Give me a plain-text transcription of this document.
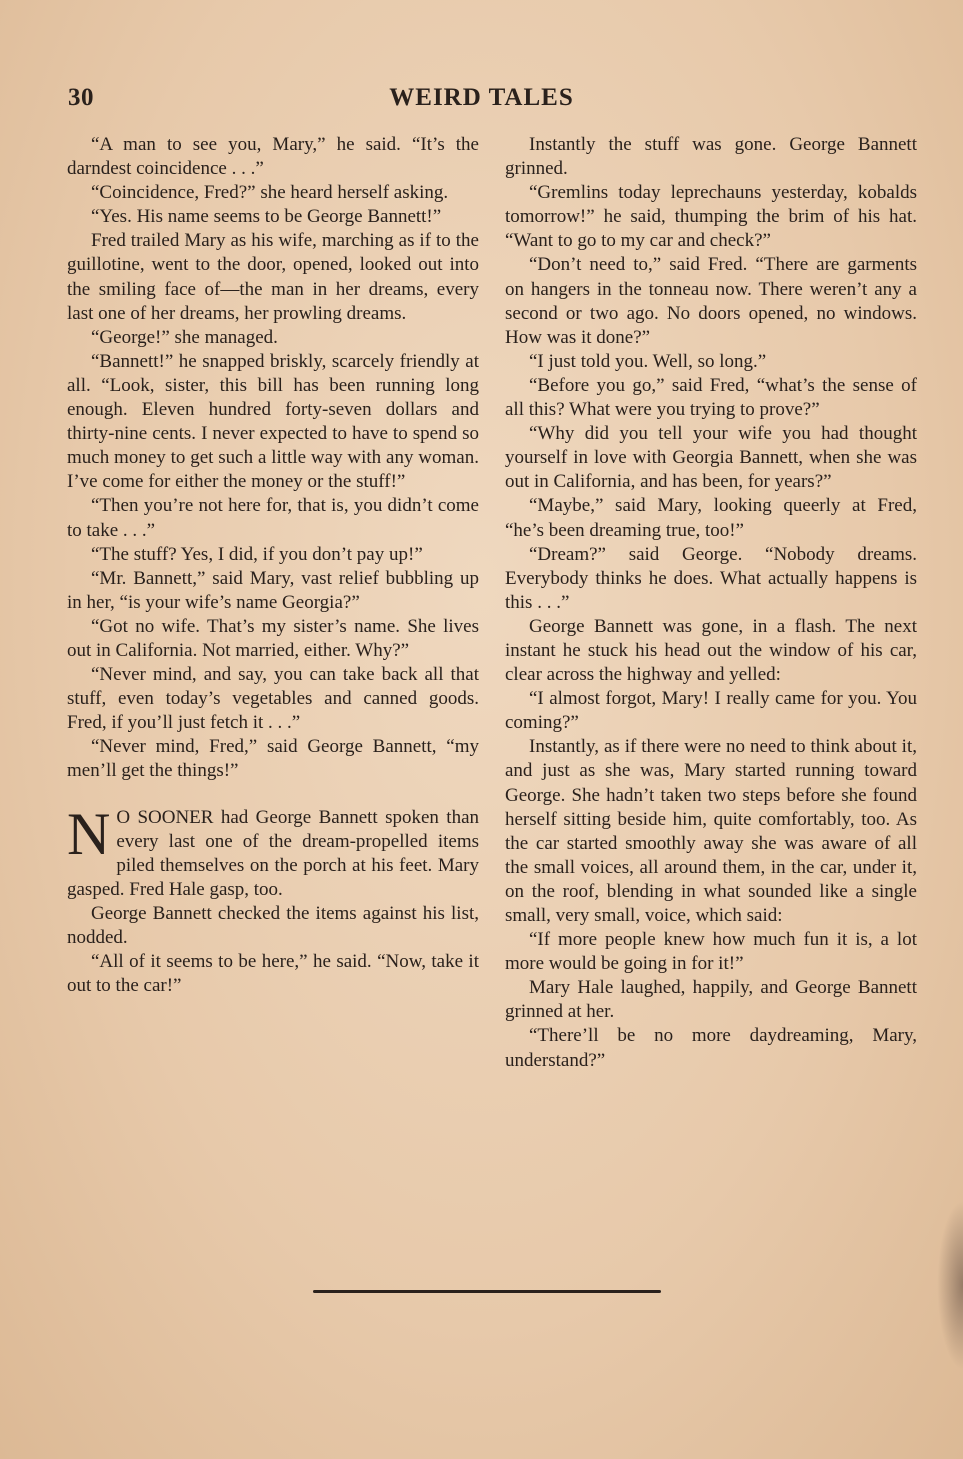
30	WEIRD TALES

“A man to see you, Mary,” he said. “It’s the darndest coincidence . . .”

“Coincidence, Fred?” she heard herself asking.

“Yes. His name seems to be George Bannett!”

Fred trailed Mary as his wife, marching as if to the guillotine, went to the door, opened, looked out into the smiling face of—the man in her dreams, every last one of her dreams, her prowling dreams.

“George!” she managed.

“Bannett!” he snapped briskly, scarcely friendly at all. “Look, sister, this bill has been running long enough. Eleven hundred forty-seven dollars and thirty-nine cents. I never expected to have to spend so much money to get such a little way with any woman. I’ve come for either the money or the stuff!”

“Then you’re not here for, that is, you didn’t come to take . . .”

“The stuff? Yes, I did, if you don’t pay up!”

“Mr. Bannett,” said Mary, vast relief bubbling up in her, “is your wife’s name Georgia?”

“Got no wife. That’s my sister’s name. She lives out in California. Not married, either. Why?”

“Never mind, and say, you can take back all that stuff, even today’s vegetables and canned goods. Fred, if you’ll just fetch it . . .”

“Never mind, Fred,” said George Bannett, “my men’ll get the things!”

N O SOONER had George Bannett spoken than every last one of the dream-propelled items piled themselves on the porch at his feet. Mary gasped. Fred Hale gasp, too.

George Bannett checked the items against his list, nodded.

“All of it seems to be here,” he said. “Now, take it out to the car!”

Instantly the stuff was gone. George Bannett grinned.

“Gremlins today leprechauns yesterday, kobalds tomorrow!” he said, thumping the brim of his hat. “Want to go to my car and check?”

“Don’t need to,” said Fred. “There are garments on hangers in the tonneau now. There weren’t any a second or two ago. No doors opened, no windows. How was it done?”

“I just told you. Well, so long.”

“Before you go,” said Fred, “what’s the sense of all this? What were you trying to prove?”

“Why did you tell your wife you had thought yourself in love with Georgia Bannett, when she was out in California, and has been, for years?”

“Maybe,” said Mary, looking queerly at Fred, “he’s been dreaming true, too!”

“Dream?” said George. “Nobody dreams. Everybody thinks he does. What actually happens is this . . .”

George Bannett was gone, in a flash. The next instant he stuck his head out the window of his car, clear across the highway and yelled:

“I almost forgot, Mary! I really came for you. You coming?”

Instantly, as if there were no need to think about it, and just as she was, Mary started running toward George. She hadn’t taken two steps before she found herself sitting beside him, quite comfortably, too. As the car started smoothly away she was aware of all the small voices, all around them, in the car, under it, on the roof, blending in what sounded like a single small, very small, voice, which said:

“If more people knew how much fun it is, a lot more would be going in for it!”

Mary Hale laughed, happily, and George Bannett grinned at her.

“There’ll be no more daydreaming, Mary, understand?”
